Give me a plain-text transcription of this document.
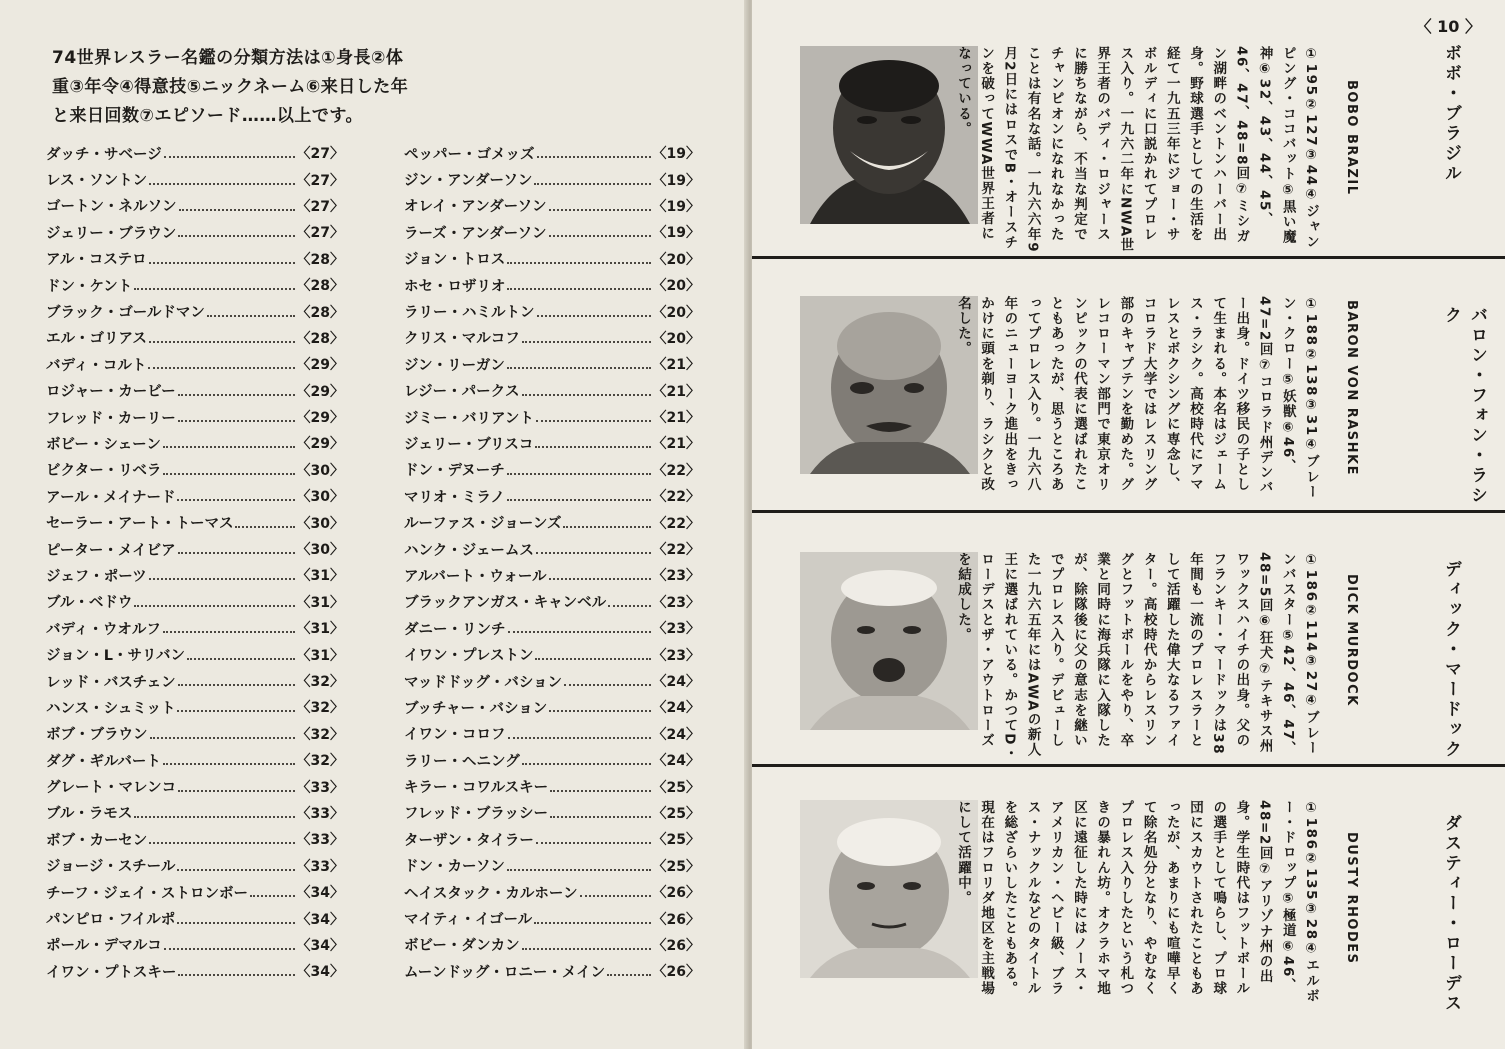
74世界レスラー名鑑の分類方法は①身長②体重③年令④得意技⑤ニックネーム⑥来日した年と来日回数⑦エピソード……以上です。
ダッチ・サベージ	〈27〉
レス・ソントン	〈27〉
ゴートン・ネルソン	〈27〉
ジェリー・ブラウン	〈27〉
アル・コステロ	〈28〉
ドン・ケント	〈28〉
ブラック・ゴールドマン	〈28〉
エル・ゴリアス	〈28〉
バディ・コルト	〈29〉
ロジャー・カービー	〈29〉
フレッド・カーリー	〈29〉
ボビー・シェーン	〈29〉
ビクター・リベラ	〈30〉
アール・メイナード	〈30〉
セーラー・アート・トーマス	〈30〉
ピーター・メイビア	〈30〉
ジェフ・ポーツ	〈31〉
ブル・ベドウ	〈31〉
バディ・ウオルフ	〈31〉
ジョン・L・サリバン	〈31〉
レッド・バスチェン	〈32〉
ハンス・シュミット	〈32〉
ボブ・ブラウン	〈32〉
ダグ・ギルバート	〈32〉
グレート・マレンコ	〈33〉
ブル・ラモス	〈33〉
ボブ・カーセン	〈33〉
ジョージ・スチール	〈33〉
チーフ・ジェイ・ストロンボー	〈34〉
パンピロ・フイルポ	〈34〉
ポール・デマルコ	〈34〉
イワン・プトスキー	〈34〉
ペッパー・ゴメッズ	〈19〉
ジン・アンダーソン	〈19〉
オレイ・アンダーソン	〈19〉
ラーズ・アンダーソン	〈19〉
ジョン・トロス	〈20〉
ホセ・ロザリオ	〈20〉
ラリー・ハミルトン	〈20〉
クリス・マルコフ	〈20〉
ジン・リーガン	〈21〉
レジー・パークス	〈21〉
ジミー・バリアント	〈21〉
ジェリー・ブリスコ	〈21〉
ドン・デヌーチ	〈22〉
マリオ・ミラノ	〈22〉
ルーファス・ジョーンズ	〈22〉
ハンク・ジェームス	〈22〉
アルバート・ウォール	〈23〉
ブラックアンガス・キャンベル	〈23〉
ダニー・リンチ	〈23〉
イワン・プレストン	〈23〉
マッドドッグ・バション	〈24〉
ブッチャー・バション	〈24〉
イワン・コロフ	〈24〉
ラリー・ヘニング	〈24〉
キラー・コワルスキー	〈25〉
フレッド・ブラッシー	〈25〉
ターザン・タイラー	〈25〉
ドン・カーソン	〈25〉
ヘイスタック・カルホーン	〈26〉
マイティ・イゴール	〈26〉
ボビー・ダンカン	〈26〉
ムーンドッグ・ロニー・メイン	〈26〉
〈 10 〉
①195②127③44④ジャンピング・ココバット⑤黒い魔神⑥32、43、44、45、46、47、48=8回⑦ミシガン湖畔のベントンハーバー出身。野球選手としての生活を経て一九五三年にジョー・サボルディに口説かれてプロレス入り。一九六二年にNWA世界王者のバディ・ロジャースに勝ちながら、不当な判定でチャンピオンになれなかったことは有名な話。一九六六年9月2日にはロスでB・オースチンを破ってWWA世界王者になっている。	BOBO BRAZIL	ボボ・ブラジル
①188②138③31④ブレーン・クロー⑤妖獣⑥46、47=2回⑦コロラド州デンバー出身。ドイツ移民の子として生まれる。本名はジェームス・ラシク。高校時代にアマレスとボクシングに専念し、コロラド大学ではレスリング部のキャプテンを勤めた。グレコローマン部門で東京オリンピックの代表に選ばれたこともあったが、思うところあってプロレス入り。一九六八年のニューヨーク進出をきっかけに頭を剃り、ラシクと改名した。	BARON VON RASHKE	バロン・フォン・ラシク
①186②114③27④ブレーンバスター⑤42、46、47、48=5回⑥狂犬⑦テキサス州ワックスハイチの出身。父のフランキー・マードックは38年間も一流のプロレスラーとして活躍した偉大なるファイター。高校時代からレスリングとフットボールをやり、卒業と同時に海兵隊に入隊したが、除隊後に父の意志を継いでプロレス入り。デビューした一九六五年にはAWAの新人王に選ばれている。かつてD・ローデスとザ・アウトローズを結成した。	DICK MURDOCK	ディック・マードック
①186②135③28④エルボー・ドロップ⑤極道⑥46、48=2回⑦アリゾナ州の出身。学生時代はフットボールの選手として鳴らし、プロ球団にスカウトされたこともあったが、あまりにも喧嘩早くて除名処分となり、やむなくプロレス入りしたという札つきの暴れん坊。オクラホマ地区に遠征した時にはノース・アメリカン・ヘビー級、ブラス・ナックルなどのタイトルを総ざらいしたこともある。現在はフロリダ地区を主戦場にして活躍中。	DUSTY RHODES	ダスティー・ローデス
